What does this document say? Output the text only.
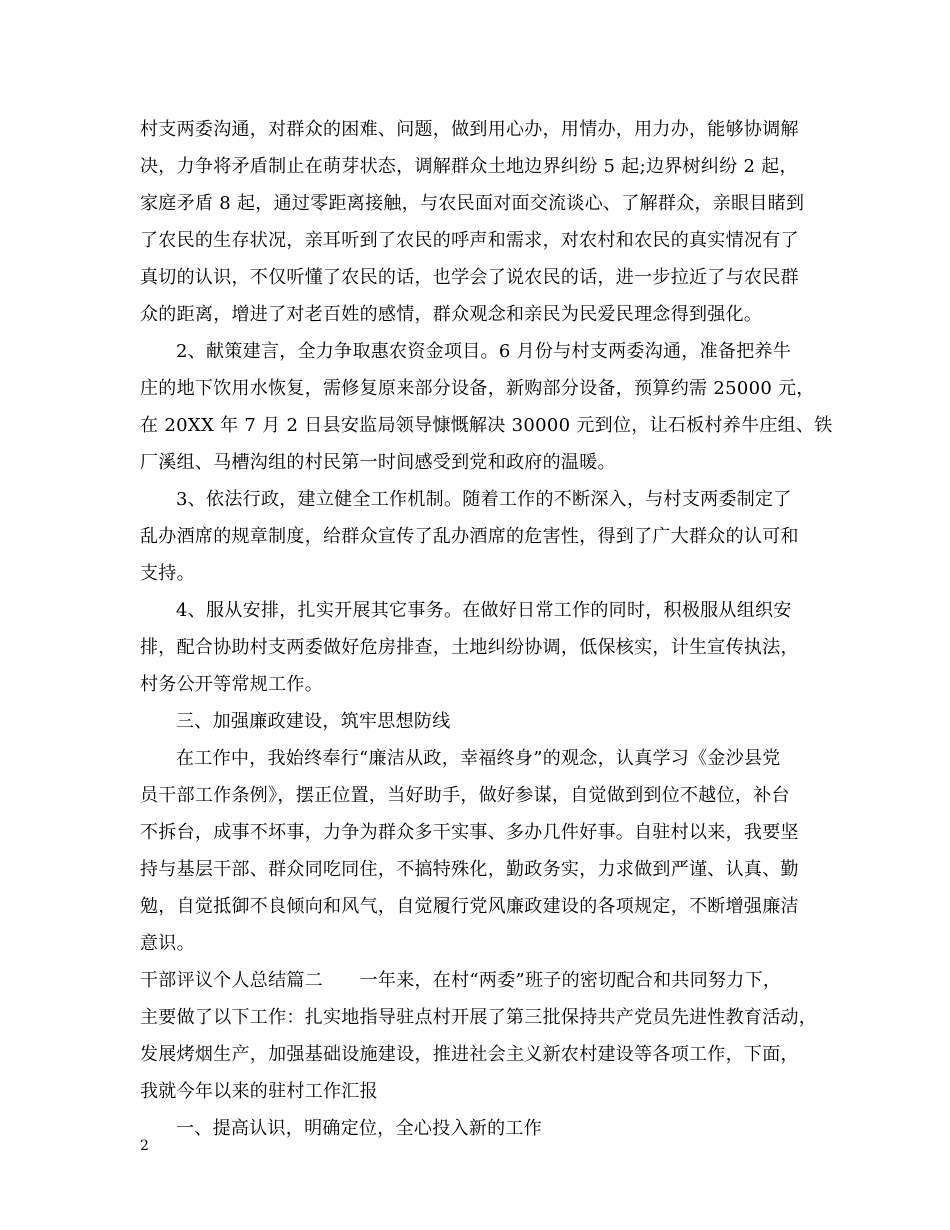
村支两委沟通，对群众的困难、问题，做到用心办，用情办，用力办，能够协调解
决，力争将矛盾制止在萌芽状态，调解群众土地边界纠纷 5 起;边界树纠纷 2 起，
家庭矛盾 8 起，通过零距离接触，与农民面对面交流谈心、了解群众，亲眼目睹到
了农民的生存状况，亲耳听到了农民的呼声和需求，对农村和农民的真实情况有了
真切的认识，不仅听懂了农民的话，也学会了说农民的话，进一步拉近了与农民群
众的距离，增进了对老百姓的感情，群众观念和亲民为民爱民理念得到强化。
2、献策建言，全力争取惠农资金项目。6 月份与村支两委沟通，准备把养牛
庄的地下饮用水恢复，需修复原来部分设备，新购部分设备，预算约需 25000 元，
在 20XX 年 7 月 2 日县安监局领导慷慨解决 30000 元到位，让石板村养牛庄组、铁
厂溪组、马槽沟组的村民第一时间感受到党和政府的温暖。
3、依法行政，建立健全工作机制。随着工作的不断深入，与村支两委制定了
乱办酒席的规章制度，给群众宣传了乱办酒席的危害性，得到了广大群众的认可和
支持。
4、服从安排，扎实开展其它事务。在做好日常工作的同时，积极服从组织安
排，配合协助村支两委做好危房排查，土地纠纷协调，低保核实，计生宣传执法，
村务公开等常规工作。
三、加强廉政建设，筑牢思想防线
在工作中，我始终奉行“廉洁从政，幸福终身”的观念，认真学习《金沙县党
员干部工作条例》，摆正位置，当好助手，做好参谋，自觉做到到位不越位，补台
不拆台，成事不坏事，力争为群众多干实事、多办几件好事。自驻村以来，我要坚
持与基层干部、群众同吃同住，不搞特殊化，勤政务实，力求做到严谨、认真、勤
勉，自觉抵御不良倾向和风气，自觉履行党风廉政建设的各项规定，不断增强廉洁
意识。
干部评议个人总结篇二　　一年来，在村“两委”班子的密切配合和共同努力下，
主要做了以下工作：扎实地指导驻点村开展了第三批保持共产党员先进性教育活动，
发展烤烟生产，加强基础设施建设，推进社会主义新农村建设等各项工作，下面，
我就今年以来的驻村工作汇报
一、提高认识，明确定位，全心投入新的工作
2
